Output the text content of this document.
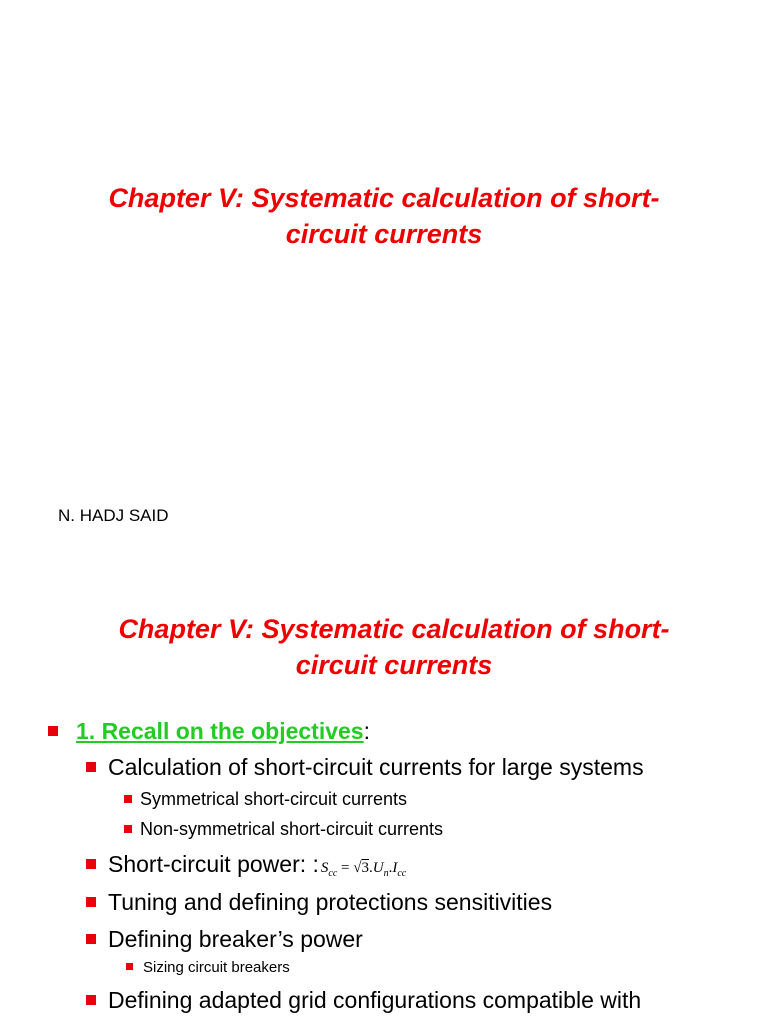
Chapter V: Systematic calculation of short-
circuit currents
N. HADJ SAID
Chapter V: Systematic calculation of short-
circuit currents
1. Recall on the objectives :
Calculation of short-circuit currents for large systems
Symmetrical short-circuit currents
Non-symmetrical short-circuit currents
Short-circuit power: : $S_{cc} = √3.U_n.I_{cc}$
Tuning and defining protections sensitivities
Defining breaker’s power
Sizing circuit breakers
Defining adapted grid configurations compatible with
